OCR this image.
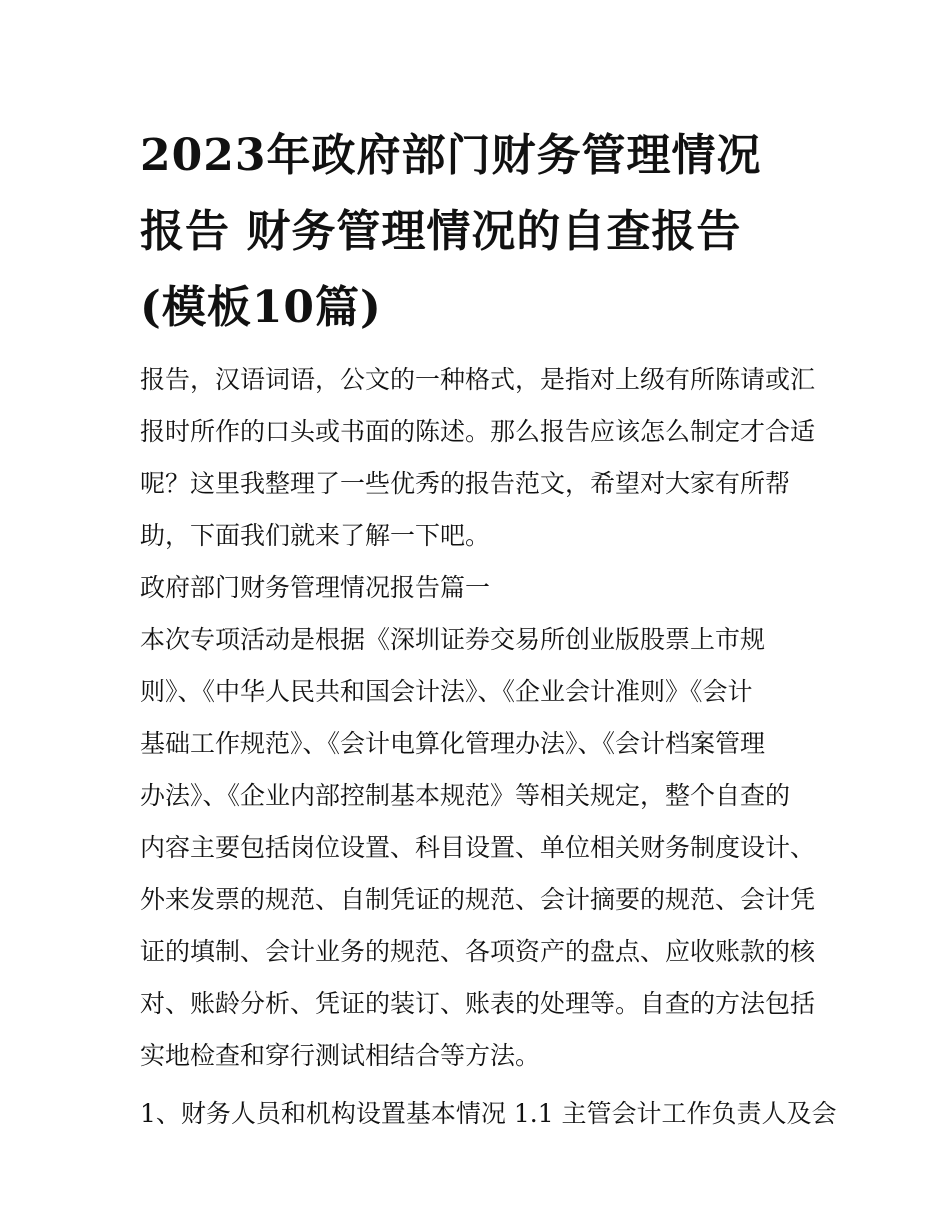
2023年政府部门财务管理情况
报告 财务管理情况的自查报告
(模板10篇)
报告，汉语词语，公文的一种格式，是指对上级有所陈请或汇
报时所作的口头或书面的陈述。那么报告应该怎么制定才合适
呢？这里我整理了一些优秀的报告范文，希望对大家有所帮
助，下面我们就来了解一下吧。
政府部门财务管理情况报告篇一
本次专项活动是根据《深圳证券交易所创业版股票上市规
则》、《中华人民共和国会计法》、《企业会计准则》《会计
基础工作规范》、《会计电算化管理办法》、《会计档案管理
办法》、《企业内部控制基本规范》等相关规定，整个自查的
内容主要包括岗位设置、科目设置、单位相关财务制度设计、
外来发票的规范、自制凭证的规范、会计摘要的规范、会计凭
证的填制、会计业务的规范、各项资产的盘点、应收账款的核
对、账龄分析、凭证的装订、账表的处理等。自查的方法包括
实地检查和穿行测试相结合等方法。
1、财务人员和机构设置基本情况 1.1 主管会计工作负责人及会
